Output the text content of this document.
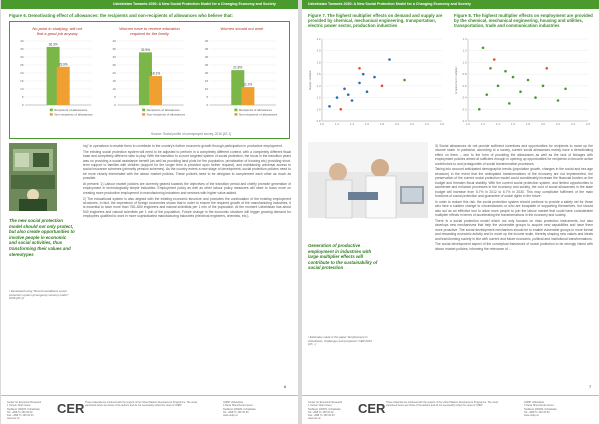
Uzbekistan Towards 2030: A New Social Protection Model for a Changing Economy and Society
Figure 6. Demotivating effect of allowances: the recipients and non-recipients of allowances who believe that:
No point in studying, will not find a good job anyway
0
5
10
15
20
25
30
35
40
36.3%
23.9%
Recipients of allowances
Non-recipients of allowances
Women have to receive education required for the family
0
5
10
15
20
25
30
35
40
32.9%
18.1%
Recipients of allowances
Non-recipients of allowances
Women should not work
0
5
10
15
20
25
30
35
40
21.8%
11.2%
Recipients of allowances
Non-recipients of allowances
Source: Social profile of unemployed survey, 2016 [AT-1]
The new social protection model should not only protect, but also create opportunities to involve people in economic and social activities, thus transforming their values and stereotypes
¹ Developed using "Recommendations social protection system (emergency version) matrix", 2016 [AT-1]

ing" in operations to enable them to contribute to the country's further economic growth through participation in productive employment.

The existing social protection system will need to be adjusted to perform in a completely different context, with a completely different fiscal base and completely different rules to play. With the transition to a more targeted system of social protection, the focus in the transition years was on providing a social assistance benefit (as well as providing land plots for the population, privatization of housing etc) providing short-term support to families with children (support for the longer term is provided upon further request), and maintaining universal access to social insurance schemes (primarily pension schemes). As the country enters a new stage of development, social protection policies need to be more closely interrelated with the labour market policies. These policies need to be designed to complement each other as much as possible.

At present: 1) Labour market policies are currently geared towards the objectives of the transition period and chiefly promote generation of employment in technologically simple industries. Employment policy as well as other labour policy measures will need to focus more on creating more productive employment in manufacturing industries and services with higher value-added.

2) The educational system is also aligned with the existing economic structure and promotes the continuation of the existing employment structures. In fact, the experience of foreign economies shows that in order to ensure the required growth of the manufacturing industries, it is essential to have more than 750–800 engineers and natural scientists per 1 mln of the population. At the moment Uzbekistan has about 540 engineers and natural scientists per 1 mln of the population. Future change in the economic structure will trigger growing demand for employees qualified to work in more sophisticated manufacturing industries (electrical engineers, chemists, etc.).

6
Center for Economic Research
1 Usmon Nosir street
Tashkent 100070, Uzbekistan
Tel: +998 71 150 02 02
Fax: +998 71 150 02 03
www.cer.uz
CER These materials are produced with the support of the United Nations Development Programme. The views expressed herein are those of the authors and do not necessarily reflect the views of UNDP
UNDP Uzbekistan
4 Taras Shevchenko street
Tashkent 100029, Uzbekistan
Tel: +998 71 120 34 50
www.undp.uz
Uzbekistan Towards 2030: A New Social Protection Model for a Changing Economy and Society
Figure 7. The highest multiplier effects on demand and supply are provided by chemical, mechanical engineering, transportation, electric power sector, production industries
Figure 8. The highest multiplier effects on employment are provided by the chemical, mechanical engineering, housing and utilities, transportation, trade and communication industries
0.8
1.0
1.2
1.4
1.6
1.8
2.0
2.2
1.0	1.2	1.4	1.6	1.8	2.0	2.2	2.4	2.6
Supply multiplier
0.0
0.2
0.4
0.6
0.8
1.0
1.2
1.4
1.0	1.2	1.4	1.6	1.8	2.0	2.2	2.4	2.6
Employment multiplier
Generation of productive employment in industries with large multiplier effects will contribute to the sustainability of social protection
¹ Estimates made in the paper "Employment in Uzbekistan: challenges and prospects" CER 2015 [AT-...]

3) Social allowances do not provide sufficient incentives and opportunities for recipients to move up the income scale. In particular, according to a survey, current social allowances mainly have a demotivating effect on them – due to the form of providing the allowances as well as the lack of linkages with employment policies aimed at sufficient enough in opening up opportunities for recipients to become active contributors to and protagonists of social transformation processes.

Taking into account anticipated demographic trends (population growth, changes in the social and sex-age structure) in the event that the anticipated transformations of the economy are not implemented, the preservation of the current social protection model could considerably increase the financial burden on the budget and threaten fiscal stability. With the current social protection system, and limited opportunities to accelerate and enhance processes in the economy and society, the cost of social allowances in the state budget will increase from 5.7% in 2012 to 6.7% in 2030. This may complicate fulfilment of the main functions of social protection and guarantee of social rights in the future.

In order to reduce this risk, the social protection system should continue to provide a safety net for those who face a sudden change to circumstances or who are incapable of supporting themselves, but should also act as an effective tool to allow more people to join the labour market that could have considerable multiplier effects in terms of accelerating the transformations in the economy and society.

There is a social protection model which not only focuses on risks protection instruments, but also develops new mechanisms that help the vulnerable groups to acquire new capabilities and have them more proactive. The social development mechanism should be to enable vulnerable groups in more formal and rewarding economic activity and to move up the income scale, thereby shaping new values and ideals and transforming society in line with current and future economic, political and institutional transformations.

The social development aspect of the conceptual framework of social protection to be strongly linked with labour market policies, informing the relevance of ...

7
Center for Economic Research
1 Usmon Nosir street
Tashkent 100070, Uzbekistan
Tel: +998 71 150 02 02
Fax: +998 71 150 02 03
www.cer.uz
CER These materials are produced with the support of the United Nations Development Programme. The views expressed herein are those of the authors and do not necessarily reflect the views of UNDP
UNDP Uzbekistan
4 Taras Shevchenko street
Tashkent 100029, Uzbekistan
Tel: +998 71 120 34 50
www.undp.uz
